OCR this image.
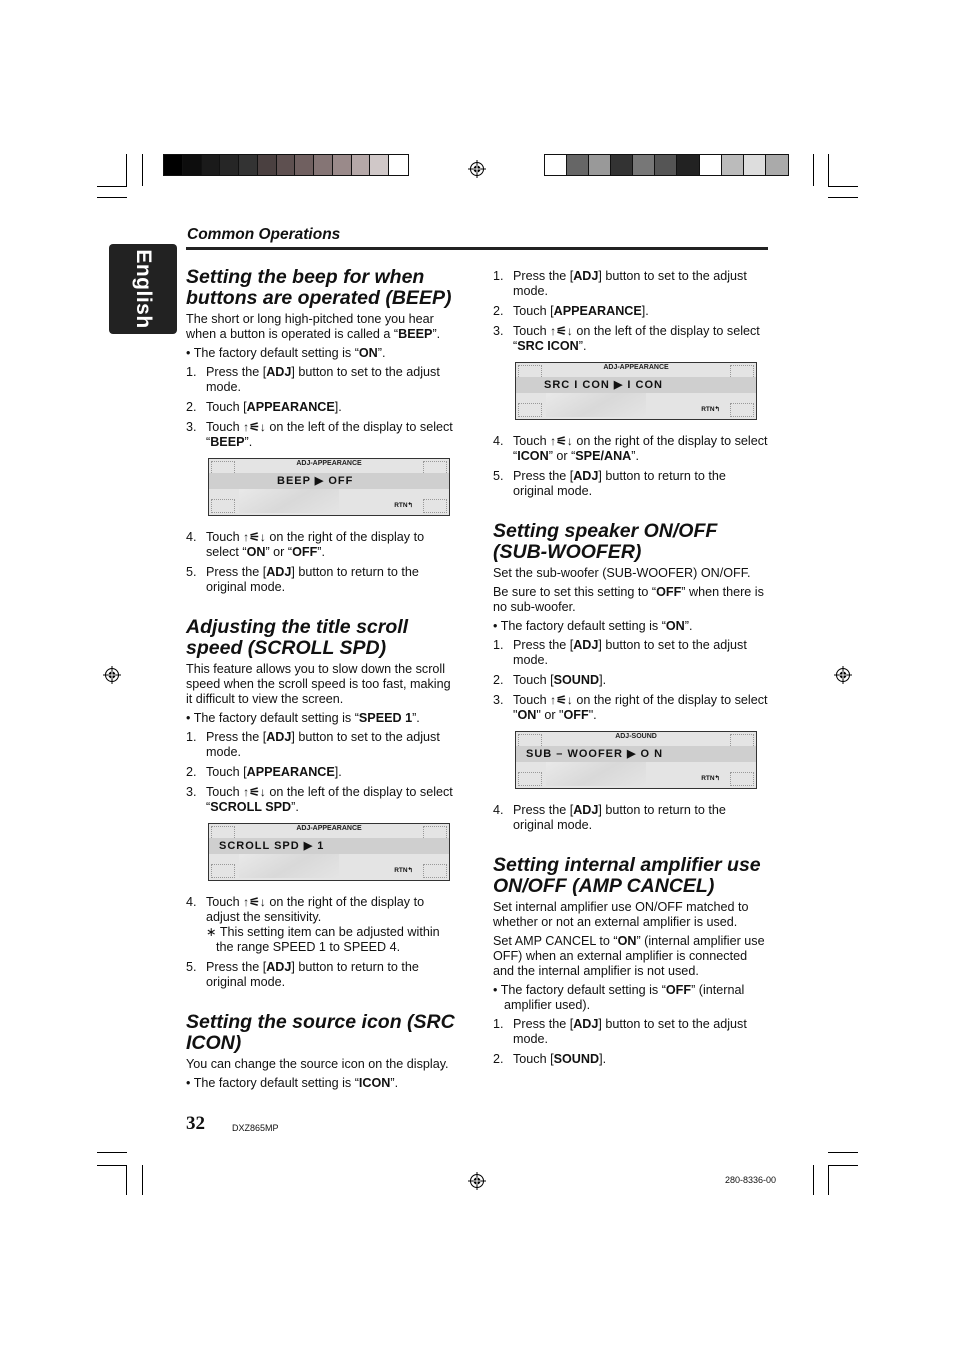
English
Common Operations
Setting the beep for when buttons are operated (BEEP)

The short or long high-pitched tone you hear when a button is operated is called a “BEEP”.

• The factory default setting is “ON”.

1. Press the [ADJ] button to set to the adjust mode.
2. Touch [APPEARANCE].
3. Touch ↑⚟↓ on the left of the display to select “BEEP”.
ADJ-APPEARANCE
BEEP ▶ OFF
RTN↰
4. Touch ↑⚟↓ on the right of the display to select “ON” or “OFF”.
5. Press the [ADJ] button to return to the original mode.
Adjusting the title scroll speed (SCROLL SPD)

This feature allows you to slow down the scroll speed when the scroll speed is too fast, making it difficult to view the screen.

• The factory default setting is “SPEED 1”.

1. Press the [ADJ] button to set to the adjust mode.
2. Touch [APPEARANCE].
3. Touch ↑⚟↓ on the left of the display to select “SCROLL SPD”.
ADJ-APPEARANCE
SCROLL SPD ▶ 1
RTN↰
4. Touch ↑⚟↓ on the right of the display to adjust the sensitivity.
∗ This setting item can be adjusted within the range SPEED 1 to SPEED 4.
5. Press the [ADJ] button to return to the original mode.
Setting the source icon (SRC ICON)

You can change the source icon on the display.

• The factory default setting is “ICON”.

1. Press the [ADJ] button to set to the adjust mode.
2. Touch [APPEARANCE].
3. Touch ↑⚟↓ on the left of the display to select “SRC ICON”.
ADJ-APPEARANCE
SRC I CON ▶ I CON
RTN↰
4. Touch ↑⚟↓ on the right of the display to select “ICON” or “SPE/ANA”.
5. Press the [ADJ] button to return to the original mode.
Setting speaker ON/OFF (SUB-WOOFER)

Set the sub-woofer (SUB-WOOFER) ON/OFF.

Be sure to set this setting to “OFF” when there is no sub-woofer.

• The factory default setting is “ON”.

1. Press the [ADJ] button to set to the adjust mode.
2. Touch [SOUND].
3. Touch ↑⚟↓ on the right of the display to select "ON" or "OFF".
ADJ-SOUND
SUB – WOOFER ▶ O N
RTN↰
4. Press the [ADJ] button to return to the original mode.
Setting internal amplifier use ON/OFF (AMP CANCEL)

Set internal amplifier use ON/OFF matched to whether or not an external amplifier is used.

Set AMP CANCEL to “ON” (internal amplifier use OFF) when an external amplifier is connected and the internal amplifier is not used.

• The factory default setting is “OFF” (internal amplifier used).

1. Press the [ADJ] button to set to the adjust mode.
2. Touch [SOUND].
32	DXZ865MP
280-8336-00
